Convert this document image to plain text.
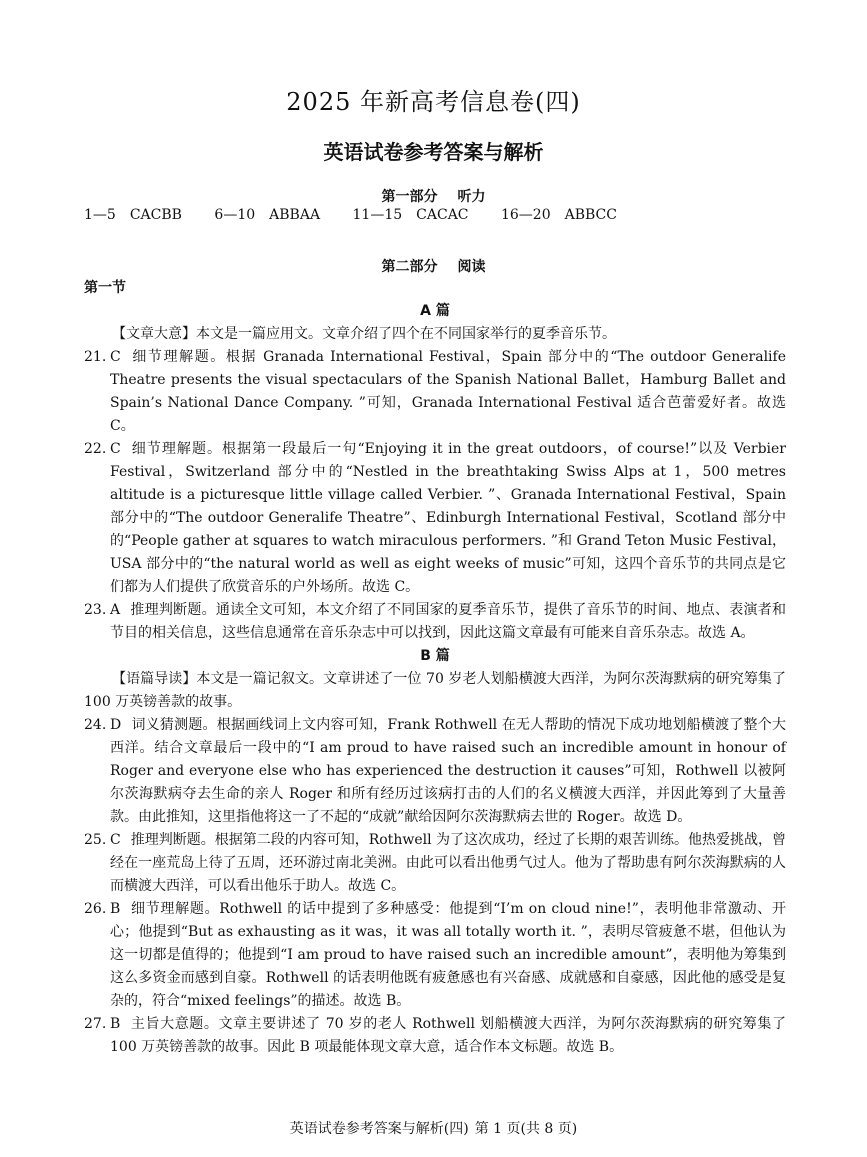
2025 年新高考信息卷(四)
英语试卷参考答案与解析
第一部分 听力
1—5 CACBB 6—10 ABBAA 11—15 CACAC 16—20 ABBCC
第二部分 阅读
第一节
A 篇
【文章大意】本文是一篇应用文。文章介绍了四个在不同国家举行的夏季音乐节。
21. C 细节理解题。根据 Granada International Festival，Spain 部分中的“The outdoor Generalife Theatre presents the visual spectaculars of the Spanish National Ballet，Hamburg Ballet and Spain’s National Dance Company. ”可知，Granada International Festival 适合芭蕾爱好者。故选 C。
22. C 细节理解题。根据第一段最后一句“Enjoying it in the great outdoors，of course!”以及 Verbier Festival，Switzerland 部分中的“Nestled in the breathtaking Swiss Alps at 1，500 metres altitude is a picturesque little village called Verbier. ”、Granada International Festival，Spain 部分中的“The outdoor Generalife Theatre”、Edinburgh International Festival，Scotland 部分中的“People gather at squares to watch miraculous performers. ”和 Grand Teton Music Festival，USA 部分中的“the natural world as well as eight weeks of music”可知，这四个音乐节的共同点是它们都为人们提供了欣赏音乐的户外场所。故选 C。
23. A 推理判断题。通读全文可知，本文介绍了不同国家的夏季音乐节，提供了音乐节的时间、地点、表演者和节目的相关信息，这些信息通常在音乐杂志中可以找到，因此这篇文章最有可能来自音乐杂志。故选 A。
B 篇
【语篇导读】本文是一篇记叙文。文章讲述了一位 70 岁老人划船横渡大西洋，为阿尔茨海默病的研究筹集了 100 万英镑善款的故事。
24. D 词义猜测题。根据画线词上文内容可知，Frank Rothwell 在无人帮助的情况下成功地划船横渡了整个大西洋。结合文章最后一段中的“I am proud to have raised such an incredible amount in honour of Roger and everyone else who has experienced the destruction it causes”可知，Rothwell 以被阿尔茨海默病夺去生命的亲人 Roger 和所有经历过该病打击的人们的名义横渡大西洋，并因此筹到了大量善款。由此推知，这里指他将这一了不起的“成就”献给因阿尔茨海默病去世的 Roger。故选 D。
25. C 推理判断题。根据第二段的内容可知，Rothwell 为了这次成功，经过了长期的艰苦训练。他热爱挑战，曾经在一座荒岛上待了五周，还环游过南北美洲。由此可以看出他勇气过人。他为了帮助患有阿尔茨海默病的人而横渡大西洋，可以看出他乐于助人。故选 C。
26. B 细节理解题。Rothwell 的话中提到了多种感受：他提到“I’m on cloud nine!”，表明他非常激动、开心；他提到“But as exhausting as it was，it was all totally worth it. ”，表明尽管疲惫不堪，但他认为这一切都是值得的；他提到“I am proud to have raised such an incredible amount”，表明他为筹集到这么多资金而感到自豪。Rothwell 的话表明他既有疲惫感也有兴奋感、成就感和自豪感，因此他的感受是复杂的，符合“mixed feelings”的描述。故选 B。
27. B 主旨大意题。文章主要讲述了 70 岁的老人 Rothwell 划船横渡大西洋，为阿尔茨海默病的研究筹集了 100 万英镑善款的故事。因此 B 项最能体现文章大意，适合作本文标题。故选 B。
英语试卷参考答案与解析(四) 第 1 页(共 8 页)
